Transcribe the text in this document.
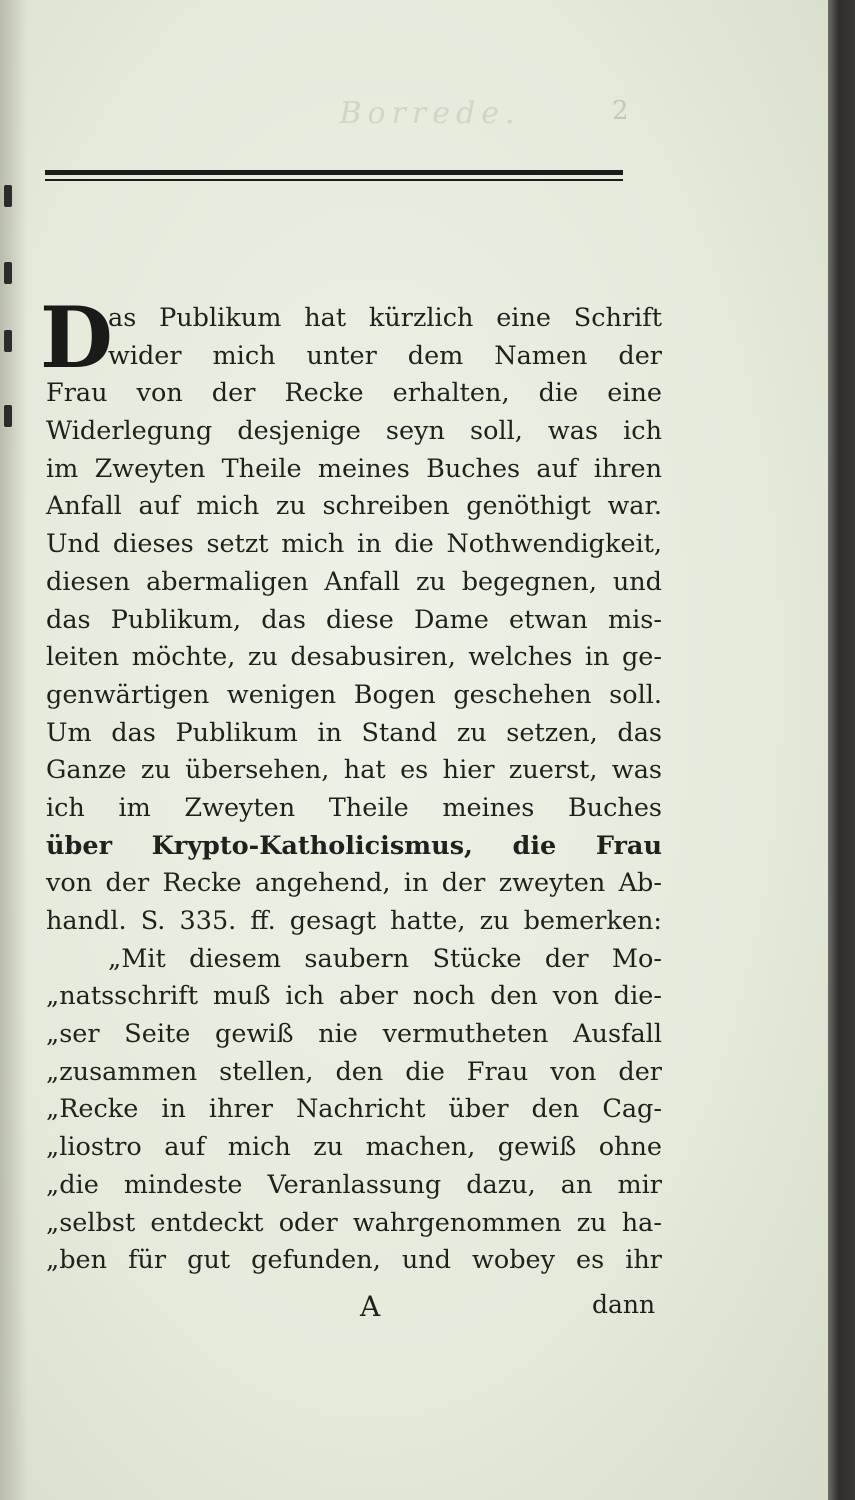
Borrede.	2
D
as Publikum hat kürzlich eine Schrift
wider mich unter dem Namen der
Frau von der Recke erhalten, die eine
Widerlegung desjenige seyn soll, was ich
im Zweyten Theile meines Buches auf ihren
Anfall auf mich zu schreiben genöthigt war.
Und dieses setzt mich in die Nothwendigkeit,
diesen abermaligen Anfall zu begegnen, und
das Publikum, das diese Dame etwan mis-
leiten möchte, zu desabusiren, welches in ge-
genwärtigen wenigen Bogen geschehen soll.
Um das Publikum in Stand zu setzen, das
Ganze zu übersehen, hat es hier zuerst, was
ich im Zweyten Theile meines Buches
über Krypto-Katholicismus, die Frau
von der Recke angehend, in der zweyten Ab-
handl. S. 335. ff. gesagt hatte, zu bemerken:
„Mit diesem saubern Stücke der Mo-
„natsschrift muß ich aber noch den von die-
„ser Seite gewiß nie vermutheten Ausfall
„zusammen stellen, den die Frau von der
„Recke in ihrer Nachricht über den Cag-
„liostro auf mich zu machen, gewiß ohne
„die mindeste Veranlassung dazu, an mir
„selbst entdeckt oder wahrgenommen zu ha-
„ben für gut gefunden, und wobey es ihr
A	dann
